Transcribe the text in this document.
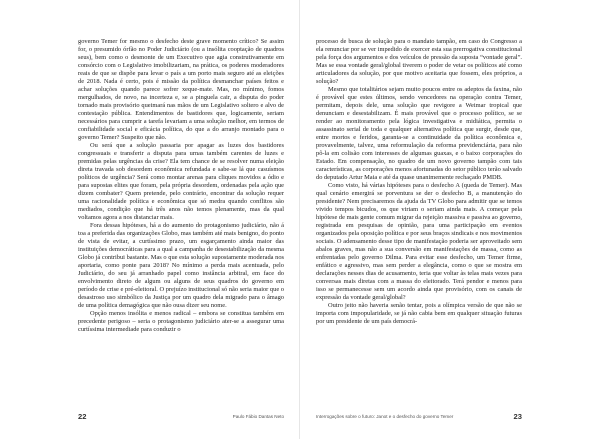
governo Temer for mesmo o desfecho deste grave momento crítico? Se assim for, o presumido órfão no Poder Judiciário (ou a insólita cooptação de quadros seus), bem como o desmonte de um Executivo que agia construtivamente em consórcio com o Legislativo imobilizariam, na prática, os poderes moderadores reais de que se dispõe para levar o país a um porto mais seguro até as eleições de 2018. Nada é certo, pois é missão da política desmanchar países feitos e achar soluções quando parece sofrer xeque-mate. Mas, no mínimo, fomos mergulhados, de novo, na incerteza e, se a pinguela cair, a disputa do poder tornado mais provisório queimará nas mãos de um Legislativo soltero e alvo de contestação pública. Entendimentos de bastidores que, logicamente, seriam necessários para cumprir a tarefa levariam a uma solução melhor, em termos de confiabilidade social e eficácia política, do que a do arranjo montado para o governo Temer? Suspeito que não.

Ou será que a solução passaria por apagar as luzes dos bastidores congressuais e transferir a disputa para urnas também carentes de luzes e premidas pelas urgências da crise? Ela tem chance de se resolver numa eleição direta travada sob desordem econômica refundada e sabe-se lá que casuísmos políticos de urgência? Será como montar arenas para cliques movidos a ódio e para supostas elites que foram, pela própria desordem, ordenadas pela ação que dizem combater? Quem pretende, pelo contrário, encontrar da solução requer uma racionalidade política e econômica que só medra quando conflitos são mediados, condição que há três anos não temos plenamente, mas da qual voltamos agora a nos distanciar mais.

Fora dessas hipóteses, há a do aumento do protagonismo judiciário, não á toa a preferida das organizações Globo, mas também até mais benigno, do ponto de vista de evitar, a curtíssimo prazo, um esgarçamento ainda maior das instituições democráticas para a qual a campanha de desestabilização da mesma Globo já contribui bastante. Mas o que esta solução supostamente moderada nos aportaria, como ponte para 2018? No mínimo a perda mais acentuada, pelo Judiciário, do seu já arranhado papel como instância arbitral, em face do envolvimento direto de algum ou alguns de seus quadros do governo em período de crise e pré-eleitoral. O prejuízo institucional só não seria maior que o desastroso uso simbólico da Justiça por um quadro dela migrado para o âmago de uma política demagógica que não ousa dizer seu nome.

Opção menos insólita e menos radical – embora se constitua também em precedente perigoso – seria o protagonismo judiciário ater-se a assegurar uma curtíssima intermediade para conduzir o

22	Paulo Fábio Dantas Neto

processo de busca de solução para o mandato tampão, em caso do Congresso a ela renunciar por se ver impedido de exercer esta sua prerrogativa constitucional pela força dos argumentos e dos veículos de pressão da suposta “vontade geral”. Mas se essa vontade geral/global tiverem o poder de vetar os políticos até como articuladores da solução, por que motivo aceitaria que fossem, eles próprios, a solução?

Mesmo que totalitários sejam muito poucos entre os adeptos da faxina, não é provável que estes últimos, sendo vencedores na operação contra Temer, permitam, depois dele, uma solução que revigore a Weimar tropical que denunciam e desestabilizam. É mais provável que o processo político, se se render ao monitoramento pela lógica investigativa e midiática, permita o assassinato serial de toda e qualquer alternativa política que surgir, desde que, entre mortos e feridos, garanta-se a continuidade da política econômica e, provavelmente, talvez, uma reformulação da reforma previdenciária, para não pô-la em colisão com interesses de algumas guaxas, e o baixo corporações do Estado. Em compensação, no quadro de um novo governo tampão com tais características, as corporações menos afortunadas do setor público terão salvado do deputado Artur Maia e até da quase unanimemente rechaçado PMDB.

Como visto, há várias hipóteses para o desfecho A (queda de Temer). Mas qual cenário emergirá se porventura se der o desfecho B, a manutenção do presidente? Nem precisaremos da ajuda da TV Globo para admitir que se temos vivido tempos bicudos, os que viriam o seriam ainda mais. A começar pela hipótese de mais gente comum migrar da rejeição massiva e passiva ao governo, registrada em pesquisas de opinião, para uma participação em eventos organizados pela oposição política e por seus braços sindicais e nos movimentos sociais. O adensamento desse tipo de manifestação poderia ser aproveitado sem abalos graves, mas não a sua conversão em manifestações de massa, como as enfrentadas pelo governo Dilma. Para evitar esse desfecho, um Temer firme, enfático e agressivo, mas sem perder a elegância, como o que se mostra em declarações nesses dias de acusamento, teria que voltar às telas mais vezes para conversas mais diretas com a massa do eleitorado. Terá pendor e menos para isso se permanecesse sem um acordo ainda que provisório, com os canais de expressão da vontade geral/global?

Outro jeito não haveria senão tentar, pois a olímpica versão de que não se importa com impopularidade, se já não cabia bem em qualquer situação futuras por um presidente de um país democrá-

Interrogações sobre o futuro: Janot e o desfecho do governo Temer	23
